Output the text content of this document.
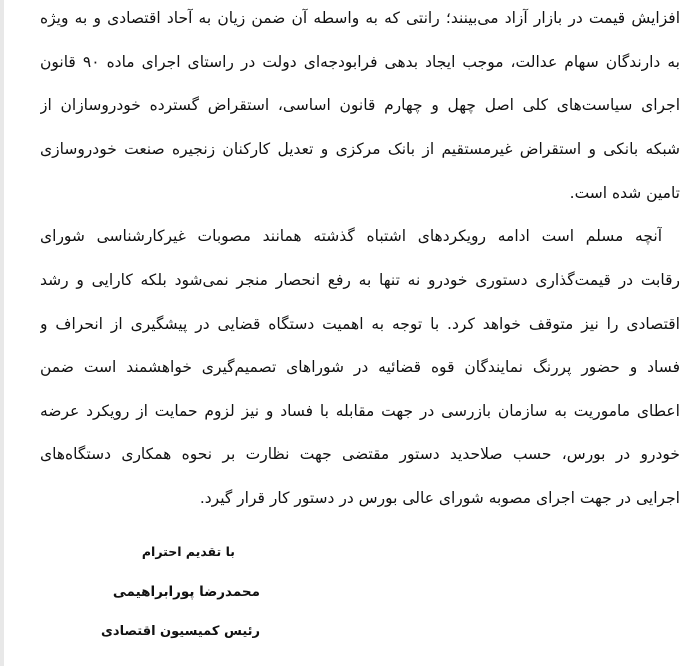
افزایش قیمت در بازار آزاد می‌بینند؛ رانتی که به واسطه آن ضمن زیان به آحاد اقتصادی و به ویژه
به دارندگان سهام عدالت، موجب ایجاد بدهی فرابودجه‌ای دولت در راستای اجرای ماده ۹۰ قانون
اجرای سیاست‌های کلی اصل چهل و چهارم قانون اساسی، استقراض گسترده خودروسازان از
شبکه بانکی و استقراض غیرمستقیم از بانک مرکزی و تعدیل کارکنان زنجیره صنعت خودروسازی
تامین شده است.
آنچه مسلم است ادامه رویکردهای اشتباه گذشته همانند مصوبات غیرکارشناسی شورای
رقابت در قیمت‌گذاری دستوری خودرو نه تنها به رفع انحصار منجر نمی‌شود بلکه کارایی و رشد
اقتصادی را نیز متوقف خواهد کرد. با توجه به اهمیت دستگاه قضایی در پیشگیری از انحراف و
فساد و حضور پررنگ نمایندگان قوه قضائیه در شوراهای تصمیم‌گیری خواهشمند است ضمن
اعطای ماموریت به سازمان بازرسی در جهت مقابله با فساد و نیز لزوم حمایت از رویکرد عرضه
خودرو در بورس، حسب صلاحدید دستور مقتضی جهت نظارت بر نحوه همکاری دستگاه‌های
اجرایی در جهت اجرای مصوبه شورای عالی بورس در دستور کار قرار گیرد.
با تقدیم احترام
محمدرضا پورابراهیمی
رئیس کمیسیون اقتصادی
